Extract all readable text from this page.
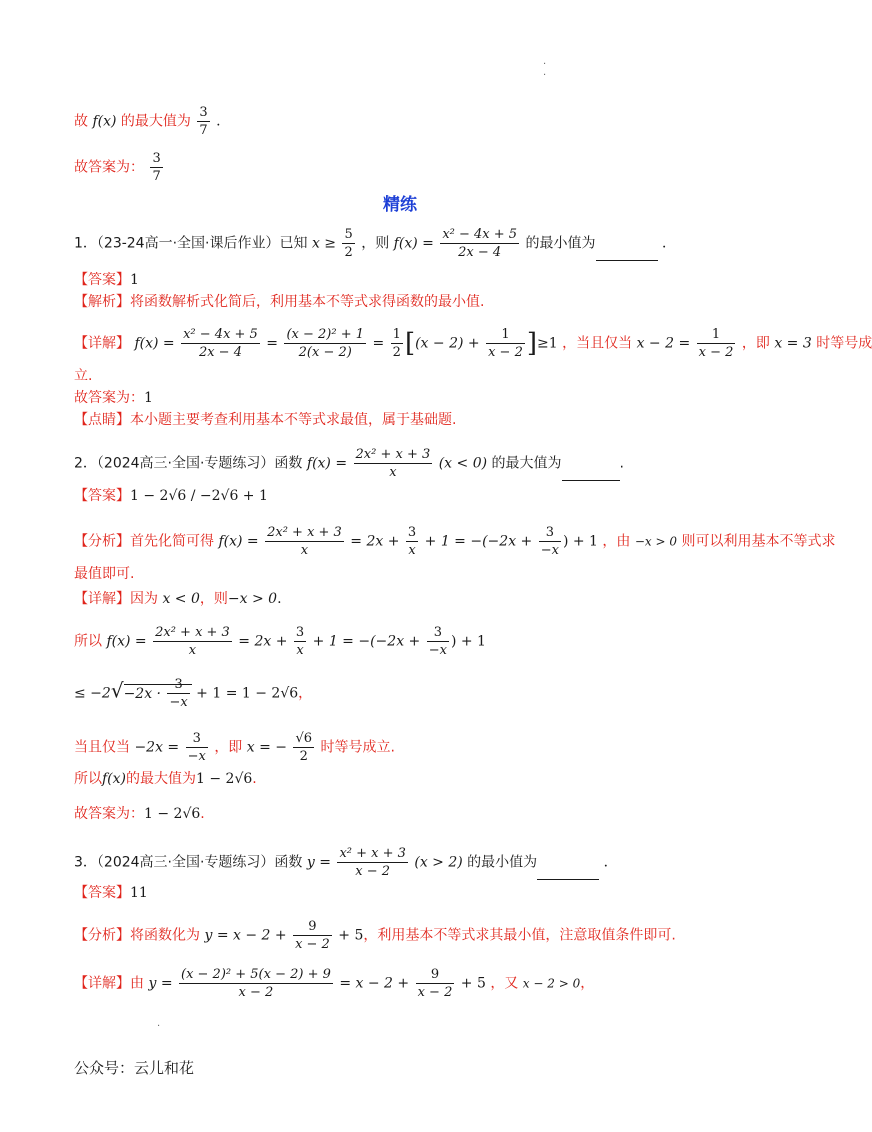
.
·
.
故 f(x) 的最大值为 $\frac{3}{7}$ .
故答案为： $\frac{3}{7}$
精练
1．（23-24高一·全国·课后作业）已知 $x \ge \frac{5}{2}$ ，则 $f(x) = \frac{\text{x² − 4x + 5}}{2x - 4}$ 的最小值为	．
【答案】1
【解析】将函数解析式化简后，利用基本不等式求得函数的最小值.
【详解】 $f(x) = \frac{\text{x² − 4x + 5}}{2x - 4} = \frac{\text{(x − 2)² + 1}}{2(x - 2)} = \frac{1}{2} [(x - 2) + \frac{1}{x - 2} ]\ge 1$ ，当且仅当 $x - 2 = \frac{1}{x - 2}$ ，即 x = 3 时等号成
立.
故答案为：1
【点睛】本小题主要考查利用基本不等式求最值，属于基础题.
2．（2024高三·全国·专题练习）函数 $f(x) = \frac{\text{2x² + x + 3}}{x} (x < 0)$ 的最大值为	.
【答案】1 − 2√6 / −2√6 + 1
【分析】首先化简可得 $f(x) = \frac{\text{2x² + x + 3}}{x} = 2x + \frac{3}{x} + 1 = -(-2x + \frac{3}{-x}$ ) + 1 ，由 −x > 0 则可以利用基本不等式求
最值即可.
【详解】因为 x < 0，则−x > 0.
所以 $f(x) = \frac{\text{2x² + x + 3}}{x} = 2x + \frac{3}{x} + 1 = -(-2x + \frac{3}{-x}$ ) + 1
≤ $-2√-2x \cdot \frac{3}{-x} + 1 = 1 - 2√6$，
当且仅当 $-2x = \frac{3}{-x}$ ，即 x = − $\frac{√6}{2}$ 时等号成立.
所以f(x)的最大值为1 − 2√6.
故答案为：1 − 2√6.
3．（2024高三·全国·专题练习）函数 $y = \frac{\text{x² + x + 3}}{x - 2} (x > 2)$ 的最小值为	．
【答案】11
【分析】将函数化为 $y = x - 2 + \frac{9}{x - 2} + 5$，利用基本不等式求其最小值，注意取值条件即可.
【详解】由 $y = \frac{\text{(x − 2)² + 5(x − 2) + 9}}{x - 2} = x - 2 + \frac{9}{x - 2} + 5$ ，又 x − 2 > 0，
公众号：云儿和花
